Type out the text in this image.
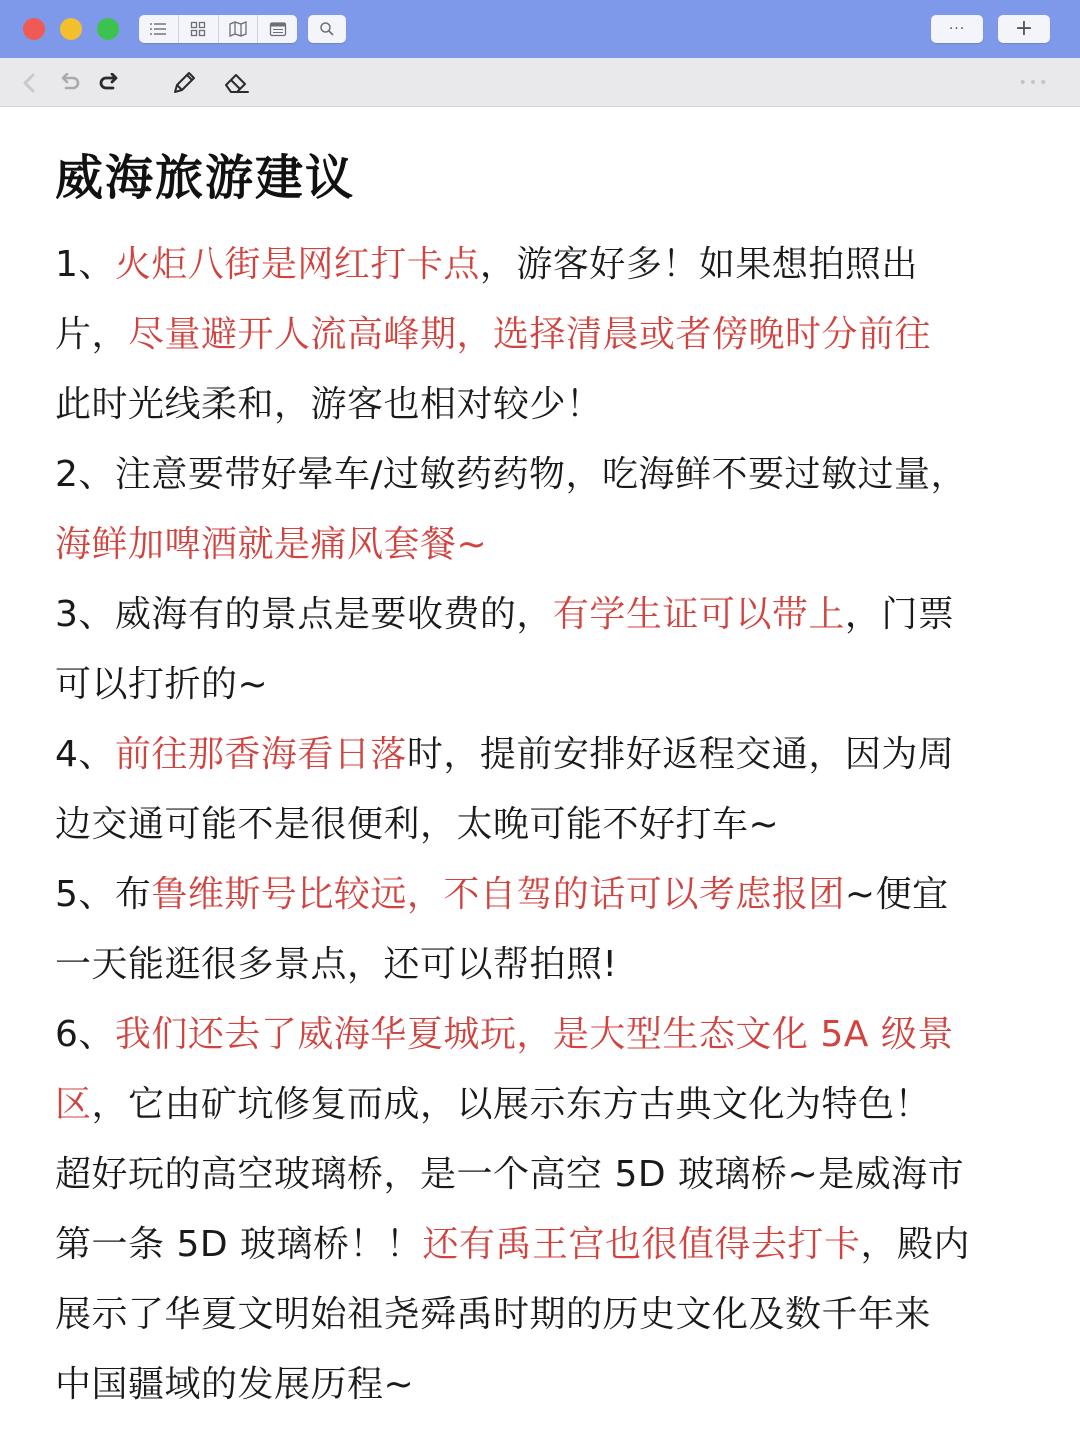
··· +
•••
威海旅游建议
1、火炬八街是网红打卡点，游客好多！如果想拍照出
片，尽量避开人流高峰期，选择清晨或者傍晚时分前往
此时光线柔和，游客也相对较少！
2、注意要带好晕车/过敏药药物，吃海鲜不要过敏过量，
海鲜加啤酒就是痛风套餐~
3、威海有的景点是要收费的，有学生证可以带上，门票
可以打折的~
4、前往那香海看日落时，提前安排好返程交通，因为周
边交通可能不是很便利，太晚可能不好打车~
5、布鲁维斯号比较远，不自驾的话可以考虑报团~便宜
一天能逛很多景点，还可以帮拍照!
6、我们还去了威海华夏城玩，是大型生态文化 5A 级景
区，它由矿坑修复而成，以展示东方古典文化为特色！
超好玩的高空玻璃桥，是一个高空 5D 玻璃桥~是威海市
第一条 5D 玻璃桥！！还有禹王宫也很值得去打卡，殿内
展示了华夏文明始祖尧舜禹时期的历史文化及数千年来
中国疆域的发展历程~
